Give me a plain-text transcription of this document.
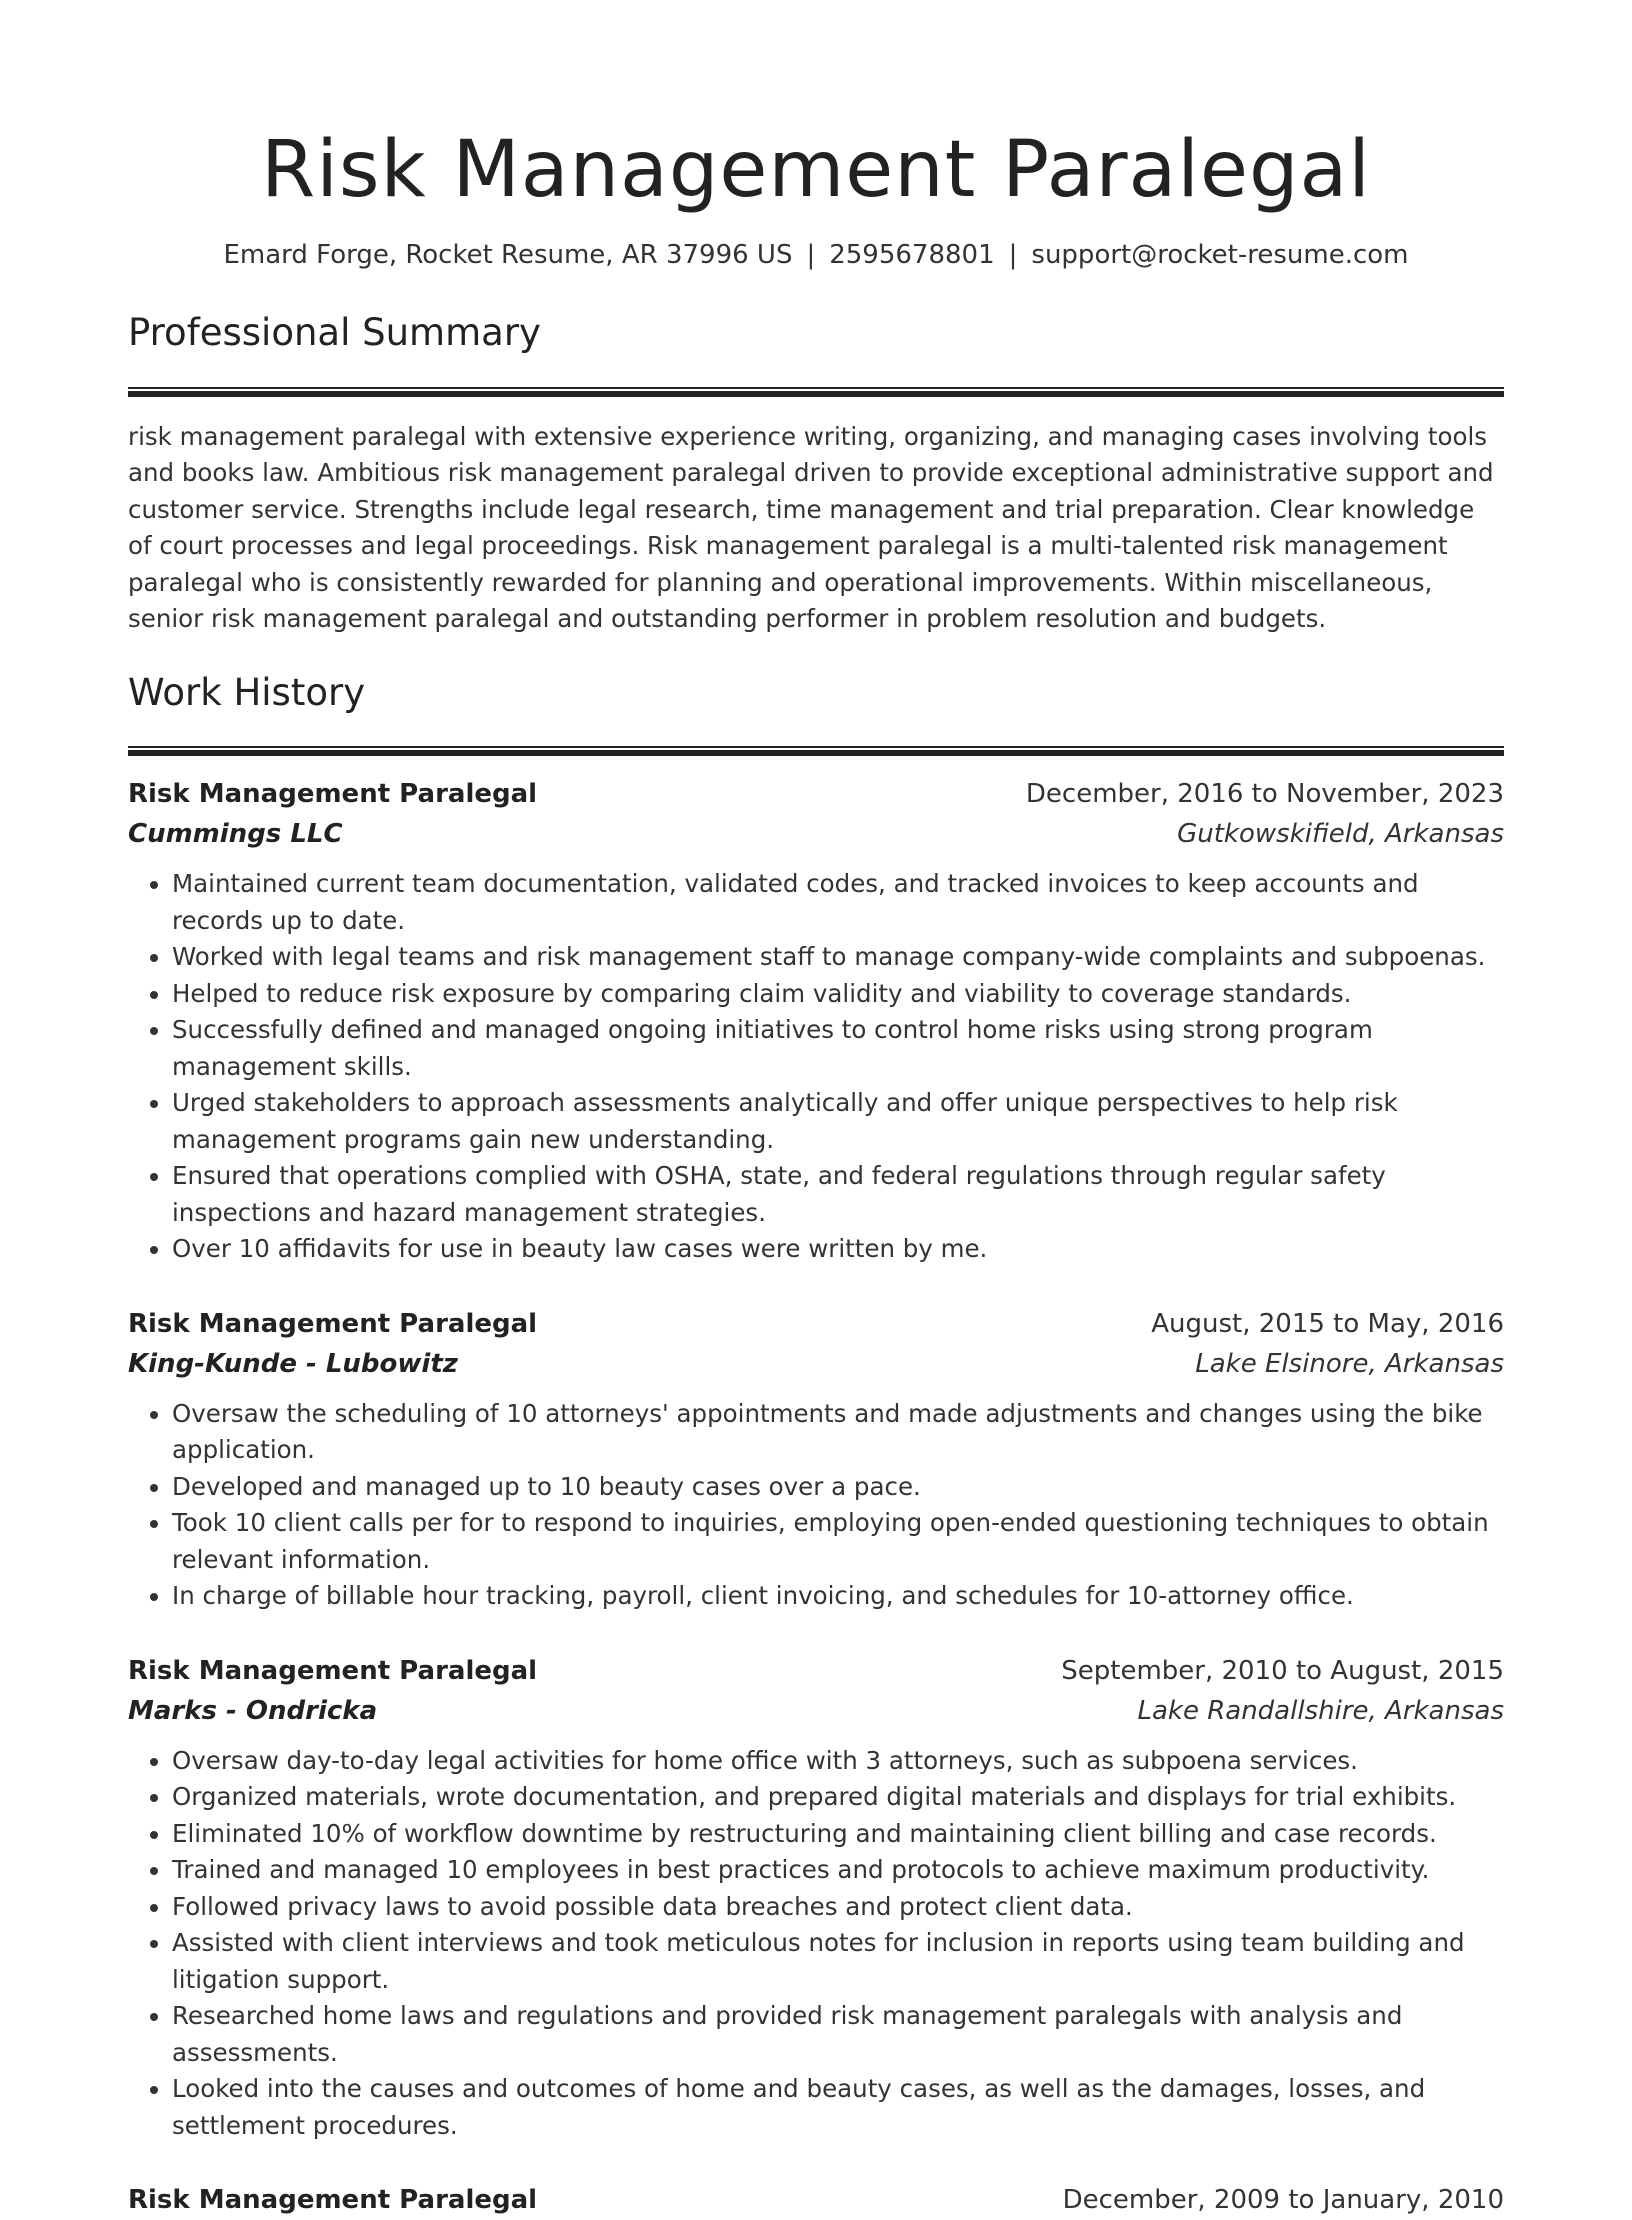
Risk Management Paralegal
Emard Forge, Rocket Resume, AR 37996 US | 2595678801 | support@rocket-resume.com
Professional Summary

risk management paralegal with extensive experience writing, organizing, and managing cases involving tools and books law. Ambitious risk management paralegal driven to provide exceptional administrative support and customer service. Strengths include legal research, time management and trial preparation. Clear knowledge of court processes and legal proceedings. Risk management paralegal is a multi-talented risk management paralegal who is consistently rewarded for planning and operational improvements. Within miscellaneous, senior risk management paralegal and outstanding performer in problem resolution and budgets.

Work History
Risk Management Paralegal	December, 2016 to November, 2023
Cummings LLC	Gutkowskifield, Arkansas
• Maintained current team documentation, validated codes, and tracked invoices to keep accounts and records up to date.
• Worked with legal teams and risk management staff to manage company-wide complaints and subpoenas.
• Helped to reduce risk exposure by comparing claim validity and viability to coverage standards.
• Successfully defined and managed ongoing initiatives to control home risks using strong program management skills.
• Urged stakeholders to approach assessments analytically and offer unique perspectives to help risk management programs gain new understanding.
• Ensured that operations complied with OSHA, state, and federal regulations through regular safety inspections and hazard management strategies.
• Over 10 affidavits for use in beauty law cases were written by me.
Risk Management Paralegal	August, 2015 to May, 2016
King-Kunde - Lubowitz	Lake Elsinore, Arkansas
• Oversaw the scheduling of 10 attorneys' appointments and made adjustments and changes using the bike application.
• Developed and managed up to 10 beauty cases over a pace.
• Took 10 client calls per for to respond to inquiries, employing open-ended questioning techniques to obtain relevant information.
• In charge of billable hour tracking, payroll, client invoicing, and schedules for 10-attorney office.
Risk Management Paralegal	September, 2010 to August, 2015
Marks - Ondricka	Lake Randallshire, Arkansas
• Oversaw day-to-day legal activities for home office with 3 attorneys, such as subpoena services.
• Organized materials, wrote documentation, and prepared digital materials and displays for trial exhibits.
• Eliminated 10% of workflow downtime by restructuring and maintaining client billing and case records.
• Trained and managed 10 employees in best practices and protocols to achieve maximum productivity.
• Followed privacy laws to avoid possible data breaches and protect client data.
• Assisted with client interviews and took meticulous notes for inclusion in reports using team building and litigation support.
• Researched home laws and regulations and provided risk management paralegals with analysis and assessments.
• Looked into the causes and outcomes of home and beauty cases, as well as the damages, losses, and settlement procedures.
Risk Management Paralegal	December, 2009 to January, 2010
